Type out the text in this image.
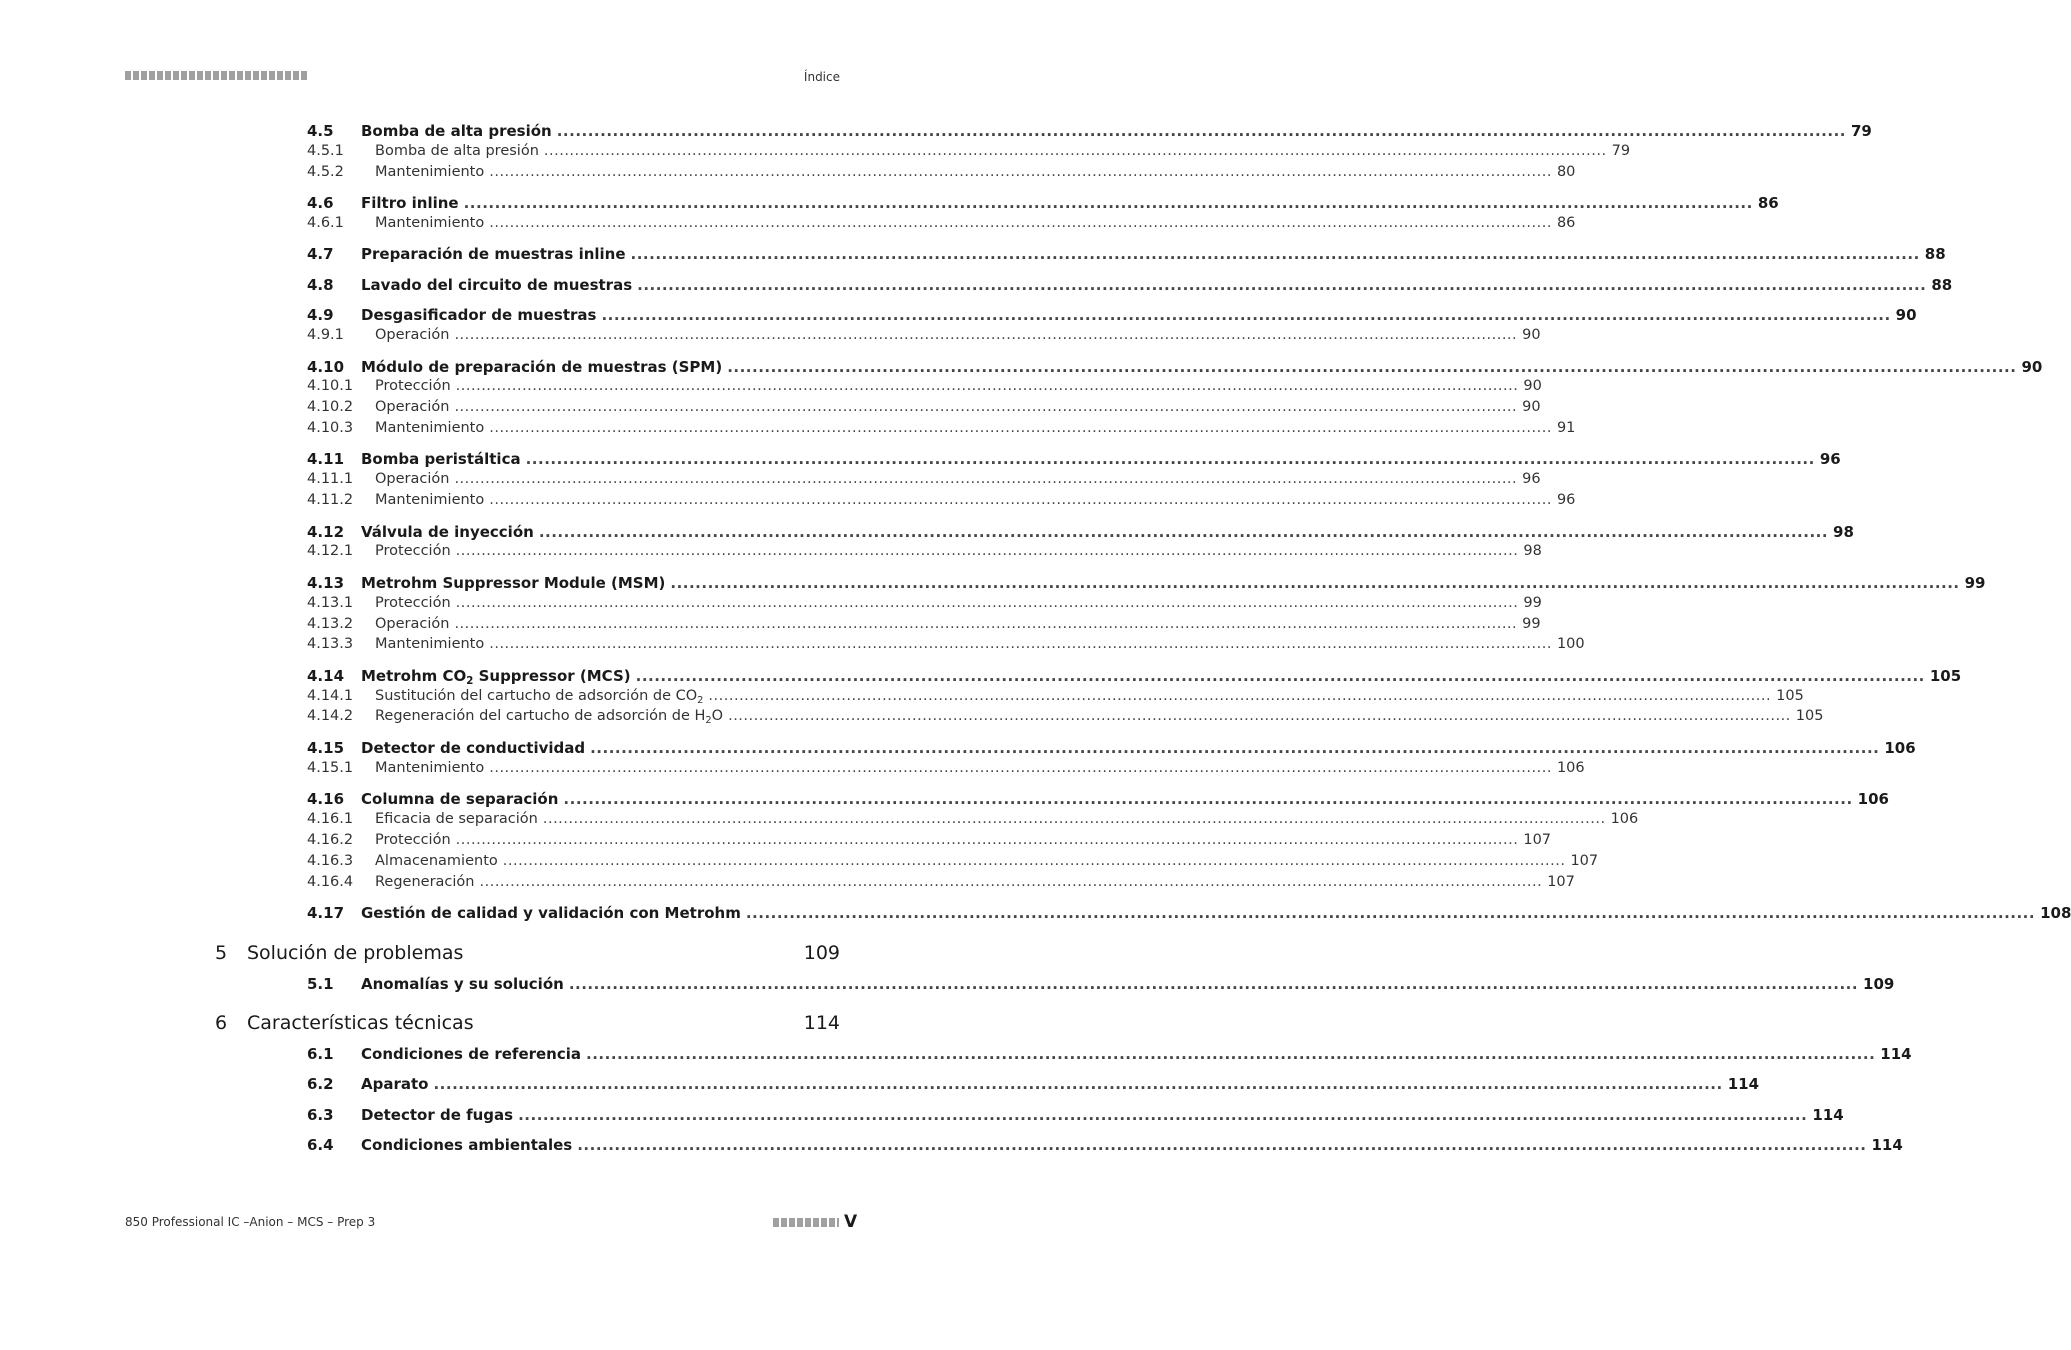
Índice
4.5	Bomba de alta presión .....	79
4.5.1	Bomba de alta presión .....	79
4.5.2	Mantenimiento .....	80
4.6	Filtro inline .....	86
4.6.1	Mantenimiento .....	86
4.7	Preparación de muestras inline .....	88
4.8	Lavado del circuito de muestras .....	88
4.9	Desgasificador de muestras .....	90
4.9.1	Operación .....	90
4.10	Módulo de preparación de muestras (SPM) .....	90
4.10.1	Protección .....	90
4.10.2	Operación .....	90
4.10.3	Mantenimiento .....	91
4.11	Bomba peristáltica .....	96
4.11.1	Operación .....	96
4.11.2	Mantenimiento .....	96
4.12	Válvula de inyección .....	98
4.12.1	Protección .....	98
4.13	Metrohm Suppressor Module (MSM) .....	99
4.13.1	Protección .....	99
4.13.2	Operación .....	99
4.13.3	Mantenimiento .....	100
4.14	Metrohm $CO_2$ Suppressor (MCS) .....	105
4.14.1	Sustitución del cartucho de adsorción de $CO_2$ .....	105
4.14.2	Regeneración del cartucho de adsorción de $H_2O$ .....	105
4.15	Detector de conductividad .....	106
4.15.1	Mantenimiento .....	106
4.16	Columna de separación .....	106
4.16.1	Eficacia de separación .....	106
4.16.2	Protección .....	107
4.16.3	Almacenamiento .....	107
4.16.4	Regeneración .....	107
4.17	Gestión de calidad y validación con Metrohm .....	108
5	Solución de problemas	109
5.1	Anomalías y su solución .....	109
6	Características técnicas	114
6.1	Condiciones de referencia .....	114
6.2	Aparato .....	114
6.3	Detector de fugas .....	114
6.4	Condiciones ambientales .....	114
850 Professional IC –Anion – MCS – Prep 3	V
